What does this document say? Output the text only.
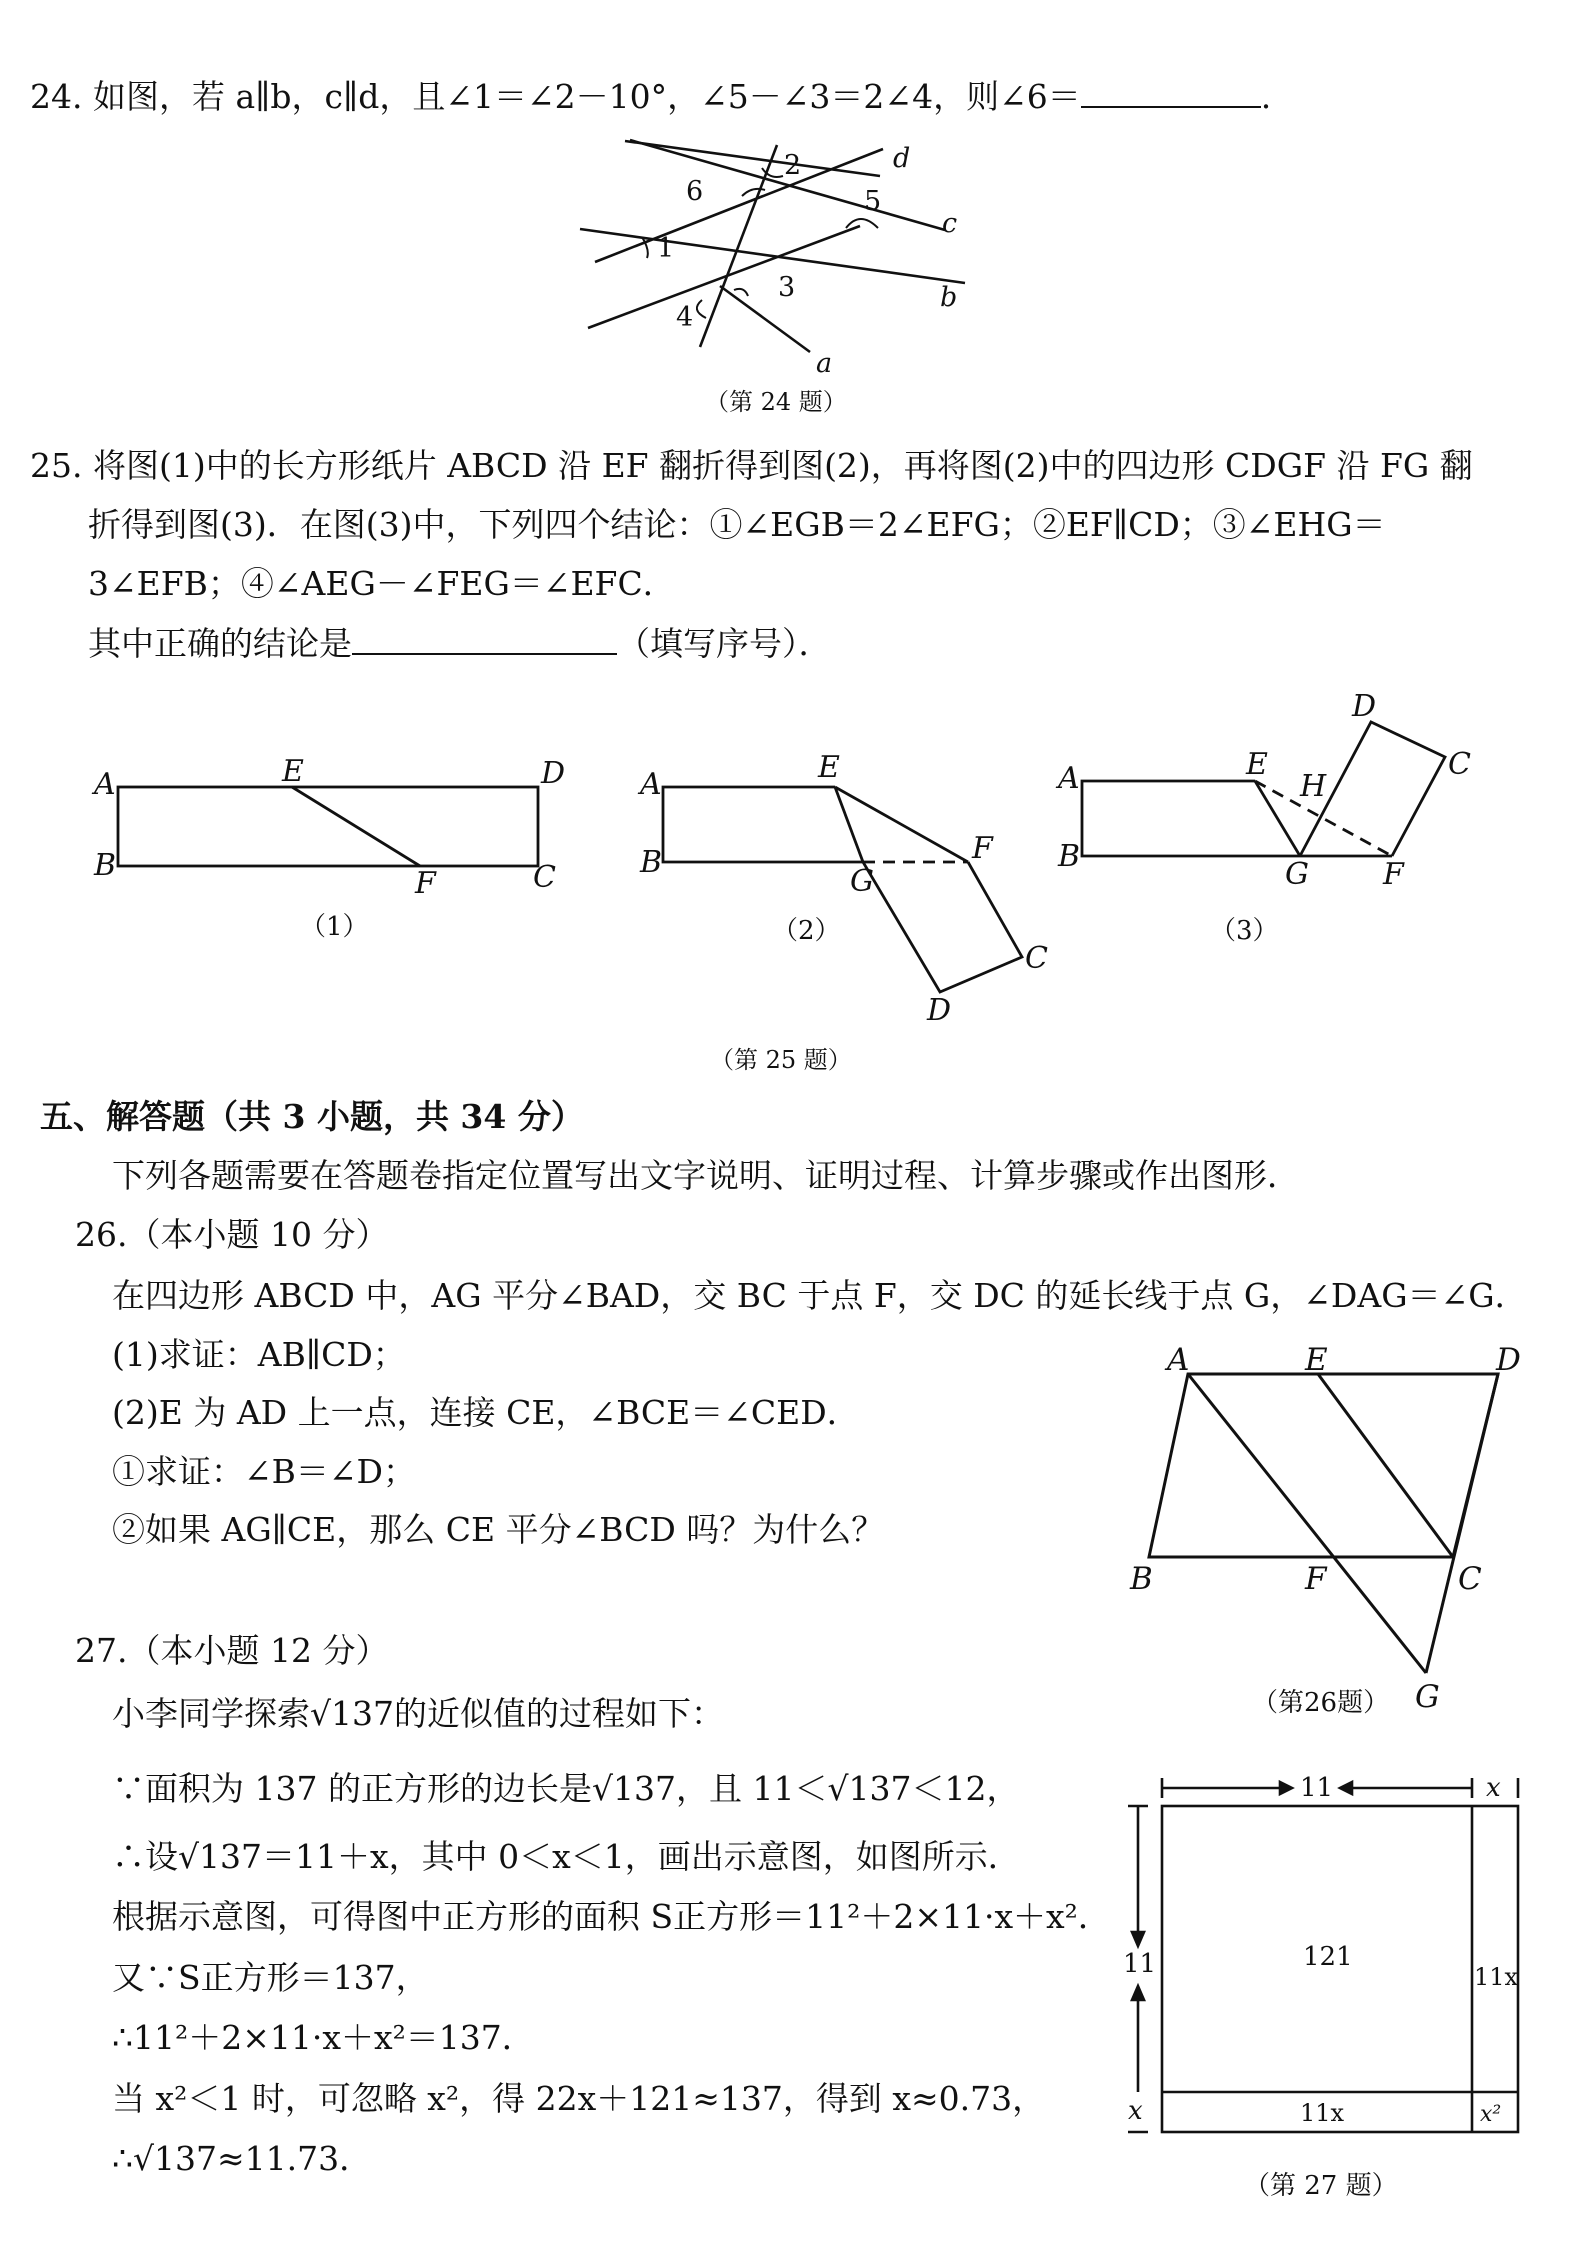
24. 如图，若 a∥b，c∥d，且∠1＝∠2－10°，∠5－∠3＝2∠4，则∠6＝	.
6
2
1
5
3
4
d
c
b
a
（第 24 题）
25. 将图(1)中的长方形纸片 ABCD 沿 EF 翻折得到图(2)，再将图(2)中的四边形 CDGF 沿 FG 翻
折得到图(3)．在图(3)中，下列四个结论：①∠EGB＝2∠EFG；②EF∥CD；③∠EHG＝
3∠EFB；④∠AEG－∠FEG＝∠EFC．
其中正确的结论是	（填写序号）．
A
B
E	D
F	C
A
B
E
F
G
C
D
A
B
E
H
D
C
G F
（1）	（2）	（3）
（第 25 题）
五、解答题（共 3 小题，共 34 分）
下列各题需要在答题卷指定位置写出文字说明、证明过程、计算步骤或作出图形．
26.（本小题 10 分）
在四边形 ABCD 中，AG 平分∠BAD，交 BC 于点 F，交 DC 的延长线于点 G，∠DAG＝∠G．
(1)求证：AB∥CD；
(2)E 为 AD 上一点，连接 CE，∠BCE＝∠CED．
①求证：∠B＝∠D；
②如果 AG∥CE，那么 CE 平分∠BCD 吗？为什么？
A	E	D
B	F	C
G
（第26题）
27.（本小题 12 分）
小李同学探索√137的近似值的过程如下：
∵面积为 137 的正方形的边长是√137，且 11＜√137＜12，
∴设√137＝11＋x，其中 0＜x＜1，画出示意图，如图所示．
根据示意图，可得图中正方形的面积 S正方形＝11²＋2×11·x＋x²．
又∵S正方形＝137，
∴11²＋2×11·x＋x²＝137．
当 x²＜1 时，可忽略 x²，得 22x＋121≈137，得到 x≈0.73，
∴√137≈11.73．
11	x
11
x
121
11x
11x	x²
（第 27 题）
